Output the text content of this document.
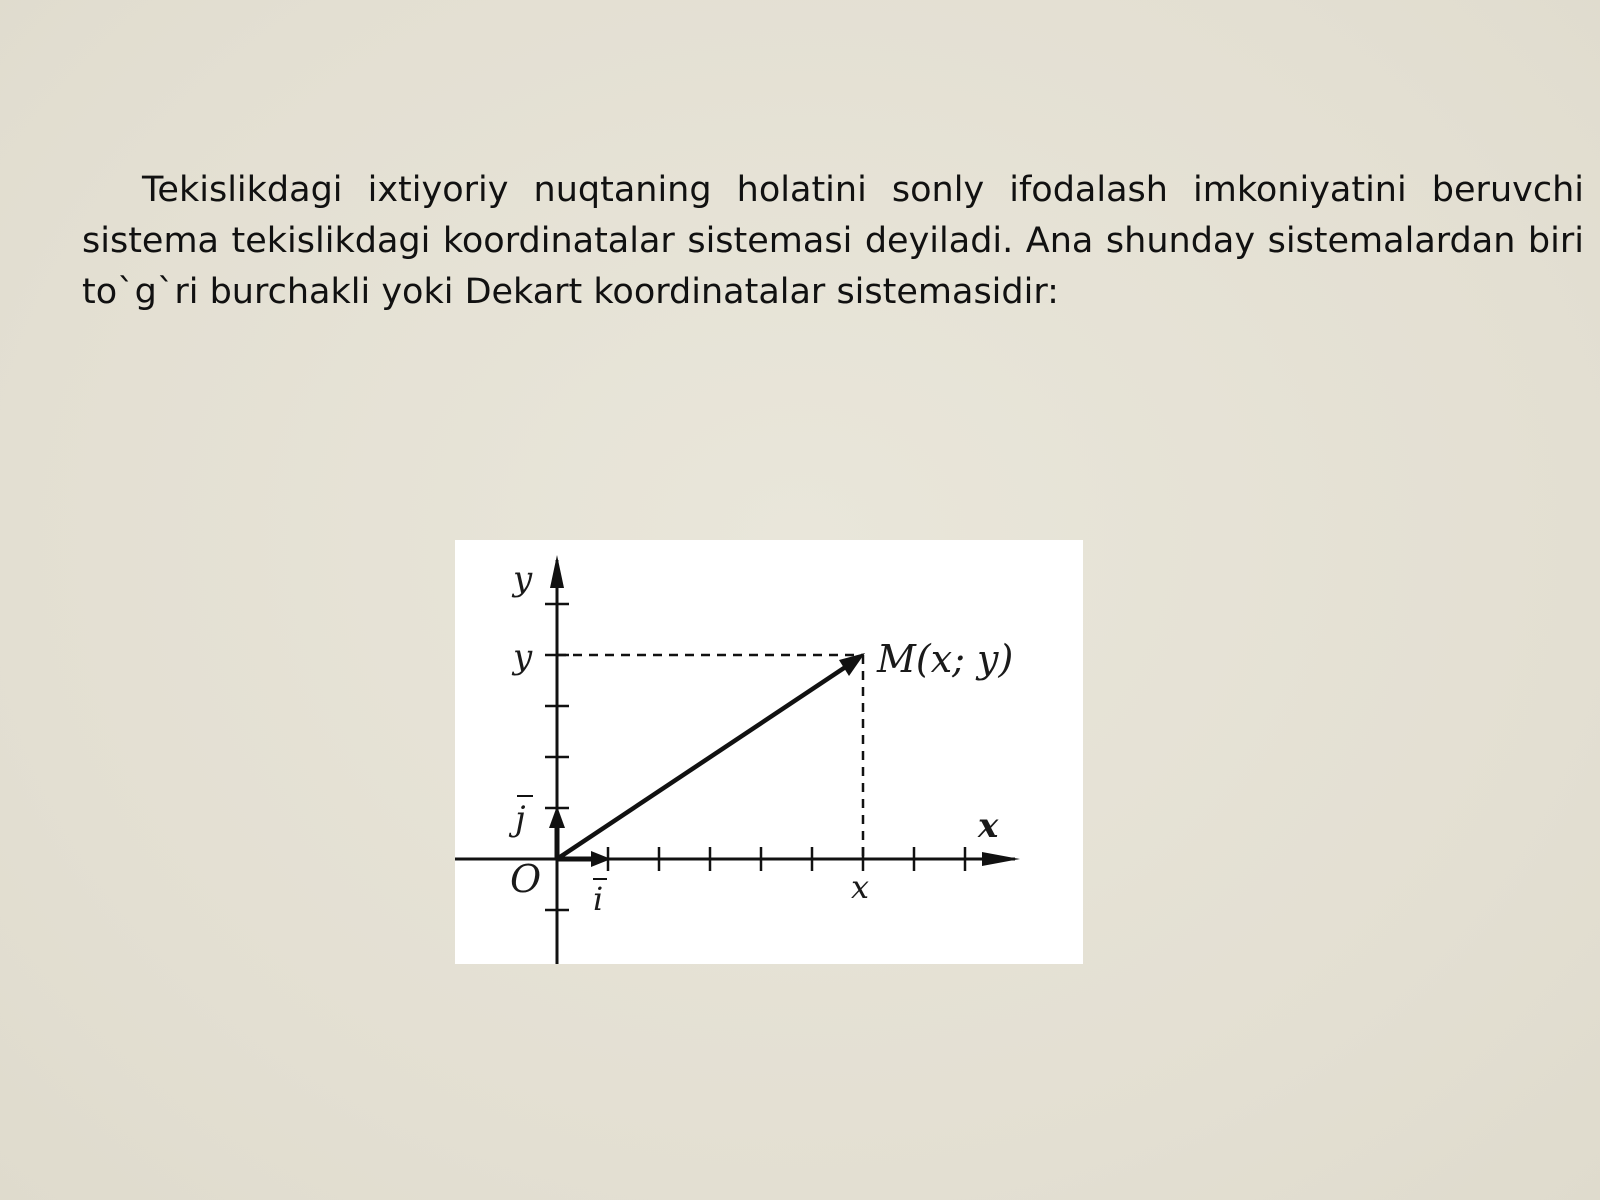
Tekislikdagi ixtiyoriy nuqtaning holatini sonly ifodalash imkoniyatini beruvchi sistema tekislikdagi koordinatalar sistemasi deyiladi. Ana shunday sistemalardan biri to`g`ri burchakli yoki Dekart koordinatalar sistemasidir:

y
y
j
O i	x
x
M(x; y)
